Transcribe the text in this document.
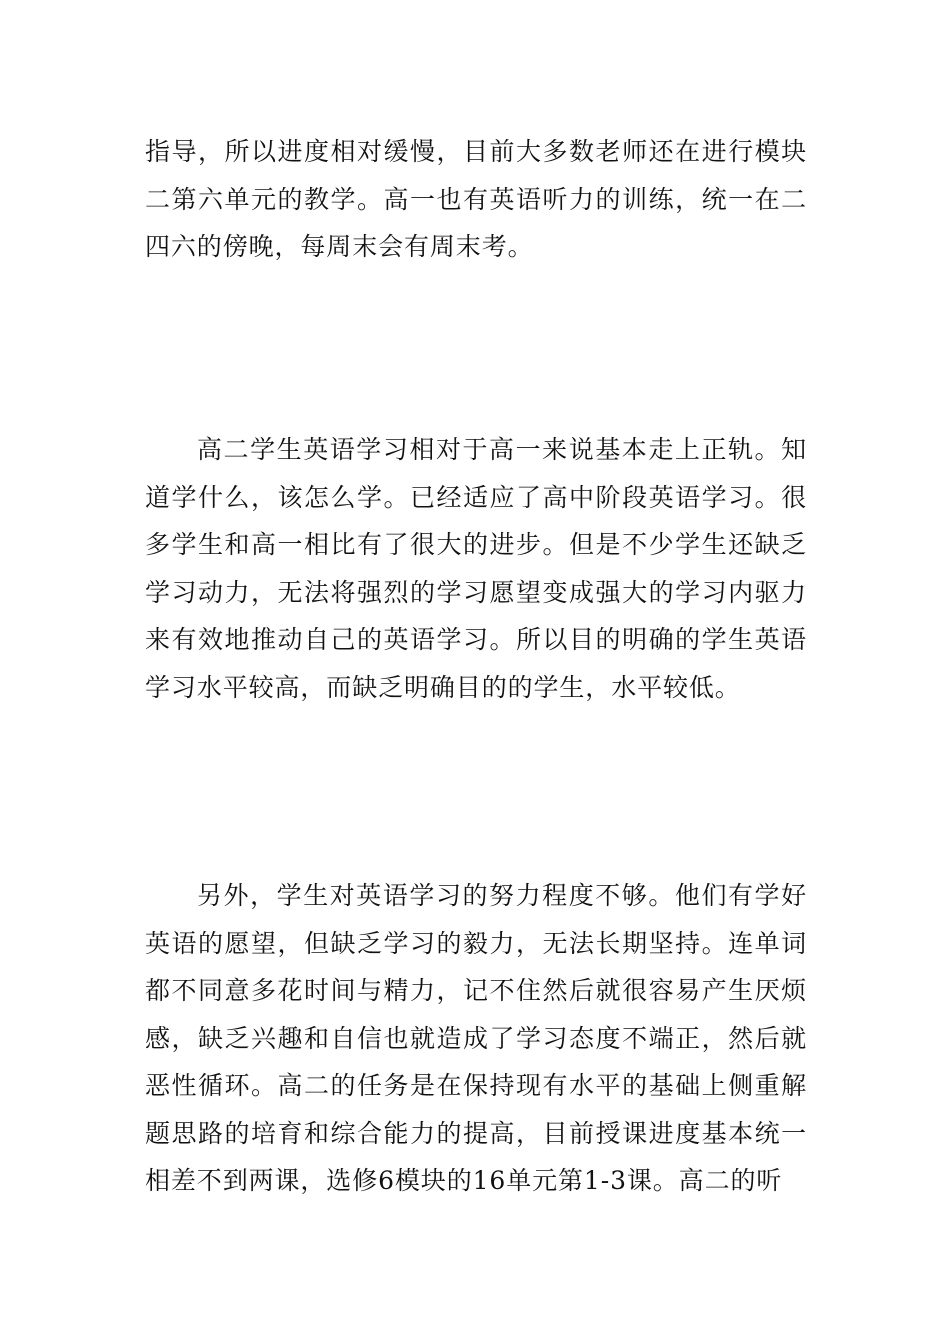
指导，所以进度相对缓慢，目前大多数老师还在进行模块二第六单元的教学。高一也有英语听力的训练，统一在二四六的傍晚，每周末会有周末考。

高二学生英语学习相对于高一来说基本走上正轨。知道学什么，该怎么学。已经适应了高中阶段英语学习。很多学生和高一相比有了很大的进步。但是不少学生还缺乏学习动力，无法将强烈的学习愿望变成强大的学习内驱力来有效地推动自己的英语学习。所以目的明确的学生英语学习水平较高，而缺乏明确目的的学生，水平较低。

另外，学生对英语学习的努力程度不够。他们有学好英语的愿望，但缺乏学习的毅力，无法长期坚持。连单词都不同意多花时间与精力，记不住然后就很容易产生厌烦感，缺乏兴趣和自信也就造成了学习态度不端正，然后就恶性循环。高二的任务是在保持现有水平的基础上侧重解题思路的培育和综合能力的提高，目前授课进度基本统一相差不到两课，选修6模块的16单元第1-3课。高二的听
